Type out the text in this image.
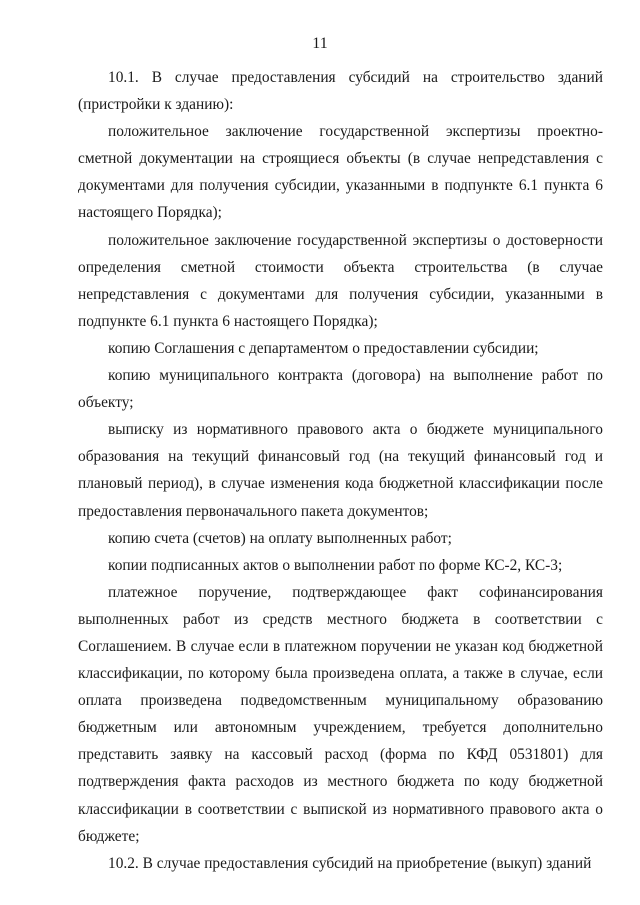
11

10.1. В случае предоставления субсидий на строительство зданий (пристройки к зданию):

положительное заключение государственной экспертизы проектно-сметной документации на строящиеся объекты (в случае непредставления с документами для получения субсидии, указанными в подпункте 6.1 пункта 6 настоящего Порядка);

положительное заключение государственной экспертизы о достоверности определения сметной стоимости объекта строительства (в случае непредставления с документами для получения субсидии, указанными в подпункте 6.1 пункта 6 настоящего Порядка);

копию Соглашения с департаментом о предоставлении субсидии;

копию муниципального контракта (договора) на выполнение работ по объекту;

выписку из нормативного правового акта о бюджете муниципального образования на текущий финансовый год (на текущий финансовый год и плановый период), в случае изменения кода бюджетной классификации после предоставления первоначального пакета документов;

копию счета (счетов) на оплату выполненных работ;

копии подписанных актов о выполнении работ по форме КС-2, КС-3;

платежное поручение, подтверждающее факт софинансирования выполненных работ из средств местного бюджета в соответствии с Соглашением. В случае если в платежном поручении не указан код бюджетной классификации, по которому была произведена оплата, а также в случае, если оплата произведена подведомственным муниципальному образованию бюджетным или автономным учреждением, требуется дополнительно представить заявку на кассовый расход (форма по КФД 0531801) для подтверждения факта расходов из местного бюджета по коду бюджетной классификации в соответствии с выпиской из нормативного правового акта о бюджете;

10.2. В случае предоставления субсидий на приобретение (выкуп) зданий
